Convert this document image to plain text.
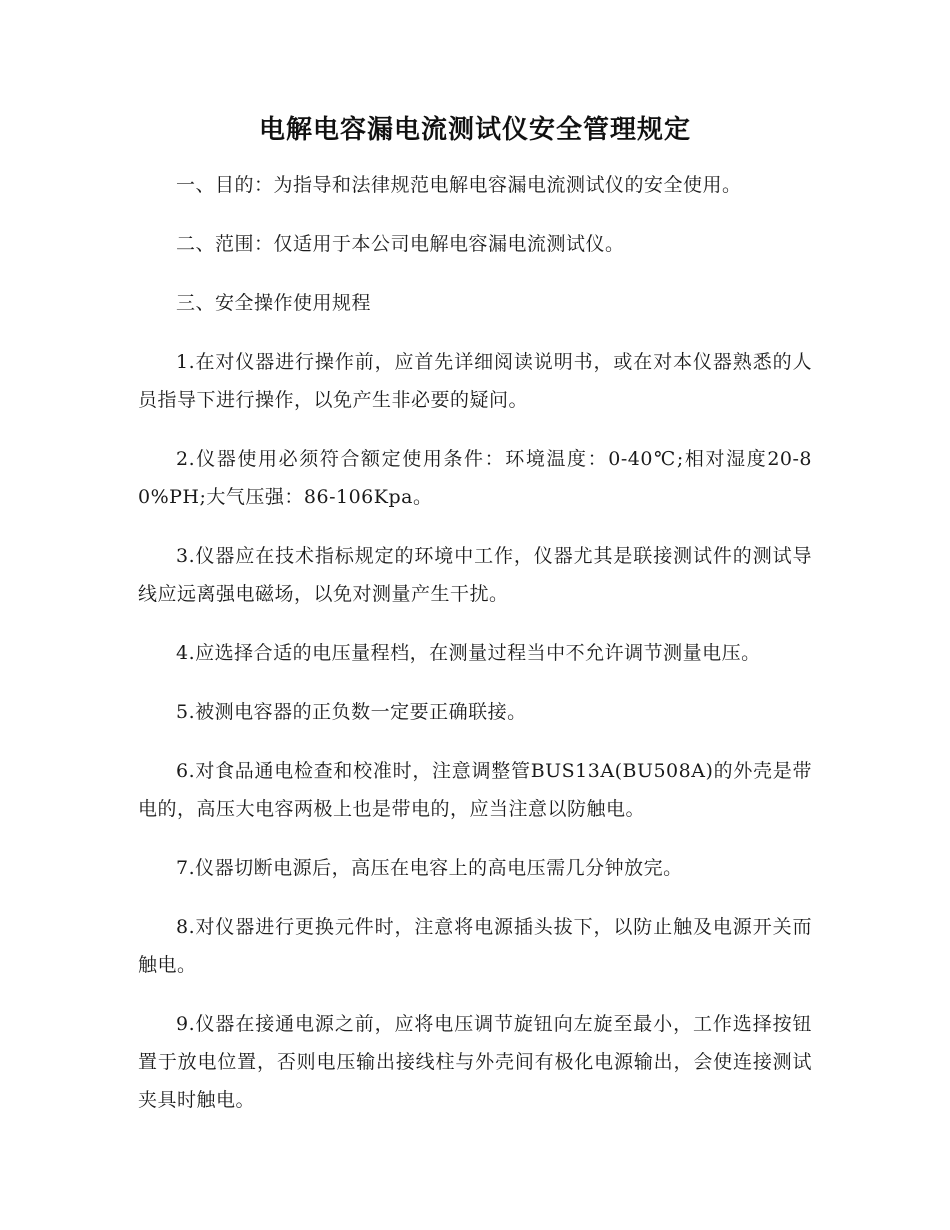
电解电容漏电流测试仪安全管理规定

一、目的：为指导和法律规范电解电容漏电流测试仪的安全使用。

二、范围：仅适用于本公司电解电容漏电流测试仪。

三、安全操作使用规程

1.在对仪器进行操作前，应首先详细阅读说明书，或在对本仪器熟悉的人员指导下进行操作，以免产生非必要的疑问。

2.仪器使用必须符合额定使用条件：环境温度：0-40℃;相对湿度20-80%PH;大气压强：86-106Kpa。

3.仪器应在技术指标规定的环境中工作，仪器尤其是联接测试件的测试导线应远离强电磁场，以免对测量产生干扰。

4.应选择合适的电压量程档，在测量过程当中不允许调节测量电压。

5.被测电容器的正负数一定要正确联接。

6.对食品通电检查和校准时，注意调整管BUS13A(BU508A)的外壳是带电的，高压大电容两极上也是带电的，应当注意以防触电。

7.仪器切断电源后，高压在电容上的高电压需几分钟放完。

8.对仪器进行更换元件时，注意将电源插头拔下，以防止触及电源开关而触电。

9.仪器在接通电源之前，应将电压调节旋钮向左旋至最小，工作选择按钮置于放电位置，否则电压输出接线柱与外壳间有极化电源输出，会使连接测试夹具时触电。
